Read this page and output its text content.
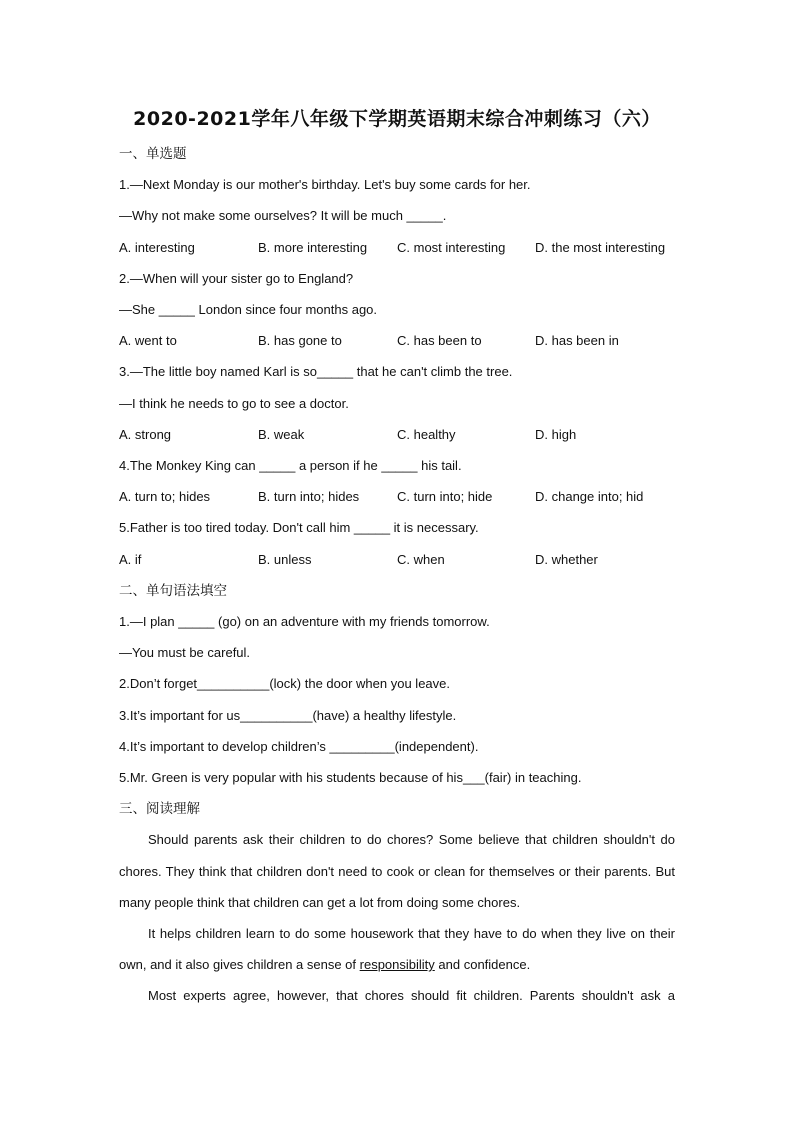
2020-2021学年八年级下学期英语期末综合冲刺练习（六）
一、单选题
1.—Next Monday is our mother's birthday. Let's buy some cards for her.
—Why not make some ourselves? It will be much _____.
A. interesting	B. more interesting C. most interesting D. the most interesting
2.—When will your sister go to England?
—She _____ London since four months ago.
A. went to	B. has gone to	C. has been to	D. has been in
3.—The little boy named Karl is so_____ that he can't climb the tree.
—I think he needs to go to see a doctor.
A. strong	B. weak	C. healthy	D. high
4.The Monkey King can _____ a person if he _____ his tail.
A. turn to; hides	B. turn into; hides	C. turn into; hide	D. change into; hid
5.Father is too tired today. Don't call him _____ it is necessary.
A. if	B. unless	C. when	D. whether
二、单句语法填空
1.—I plan _____ (go) on an adventure with my friends tomorrow.
—You must be careful.
2.Don’t forget__________(lock) the door when you leave.
3.It’s important for us__________(have) a healthy lifestyle.
4.It’s important to develop children’s _________(independent).
5.Mr. Green is very popular with his students because of his___(fair) in teaching.
三、阅读理解
Should parents ask their children to do chores? Some believe that children shouldn't do
chores. They think that children don't need to cook or clean for themselves or their parents. But
many people think that children can get a lot from doing some chores.
It helps children learn to do some housework that they have to do when they live on their
own, and it also gives children a sense of responsibility and confidence.
Most experts agree, however, that chores should fit children. Parents shouldn't ask a
